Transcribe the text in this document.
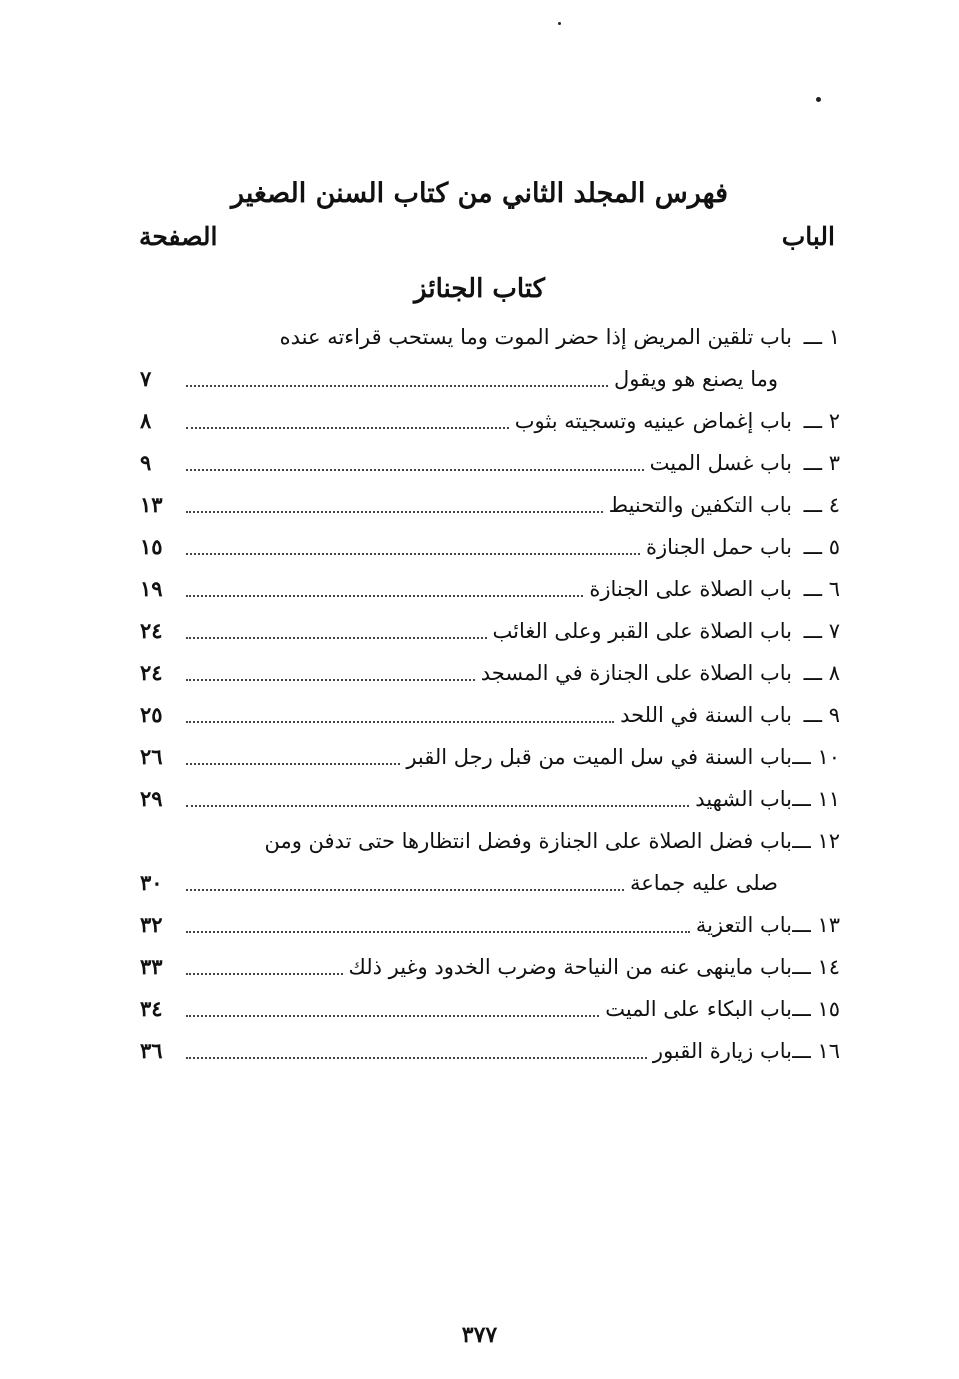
فهرس المجلد الثاني من كتاب السنن الصغير
الباب
الصفحة
كتاب الجنائز
١ ـــ
باب تلقين المريض إذا حضر الموت وما يستحب قراءته عنده
وما يصنع هو ويقول
٧
٢ ـــ
باب إغماض عينيه وتسجيته بثوب
٨
٣ ـــ
باب غسل الميت
٩
٤ ـــ
باب التكفين والتحنيط
١٣
٥ ـــ
باب حمل الجنازة
١٥
٦ ـــ
باب الصلاة على الجنازة
١٩
٧ ـــ
باب الصلاة على القبر وعلى الغائب
٢٤
٨ ـــ
باب الصلاة على الجنازة في المسجد
٢٤
٩ ـــ
باب السنة في اللحد
٢٥
١٠ ـــ
باب السنة في سل الميت من قبل رجل القبر
٢٦
١١ ـــ
باب الشهيد
٢٩
١٢ ـــ
باب فضل الصلاة على الجنازة وفضل انتظارها حتى تدفن ومن
صلى عليه جماعة
٣٠
١٣ ـــ
باب التعزية
٣٢
١٤ ـــ
باب ماينهى عنه من النياحة وضرب الخدود وغير ذلك
٣٣
١٥ ـــ
باب البكاء على الميت
٣٤
١٦ ـــ
باب زيارة القبور
٣٦
٣٧٧
